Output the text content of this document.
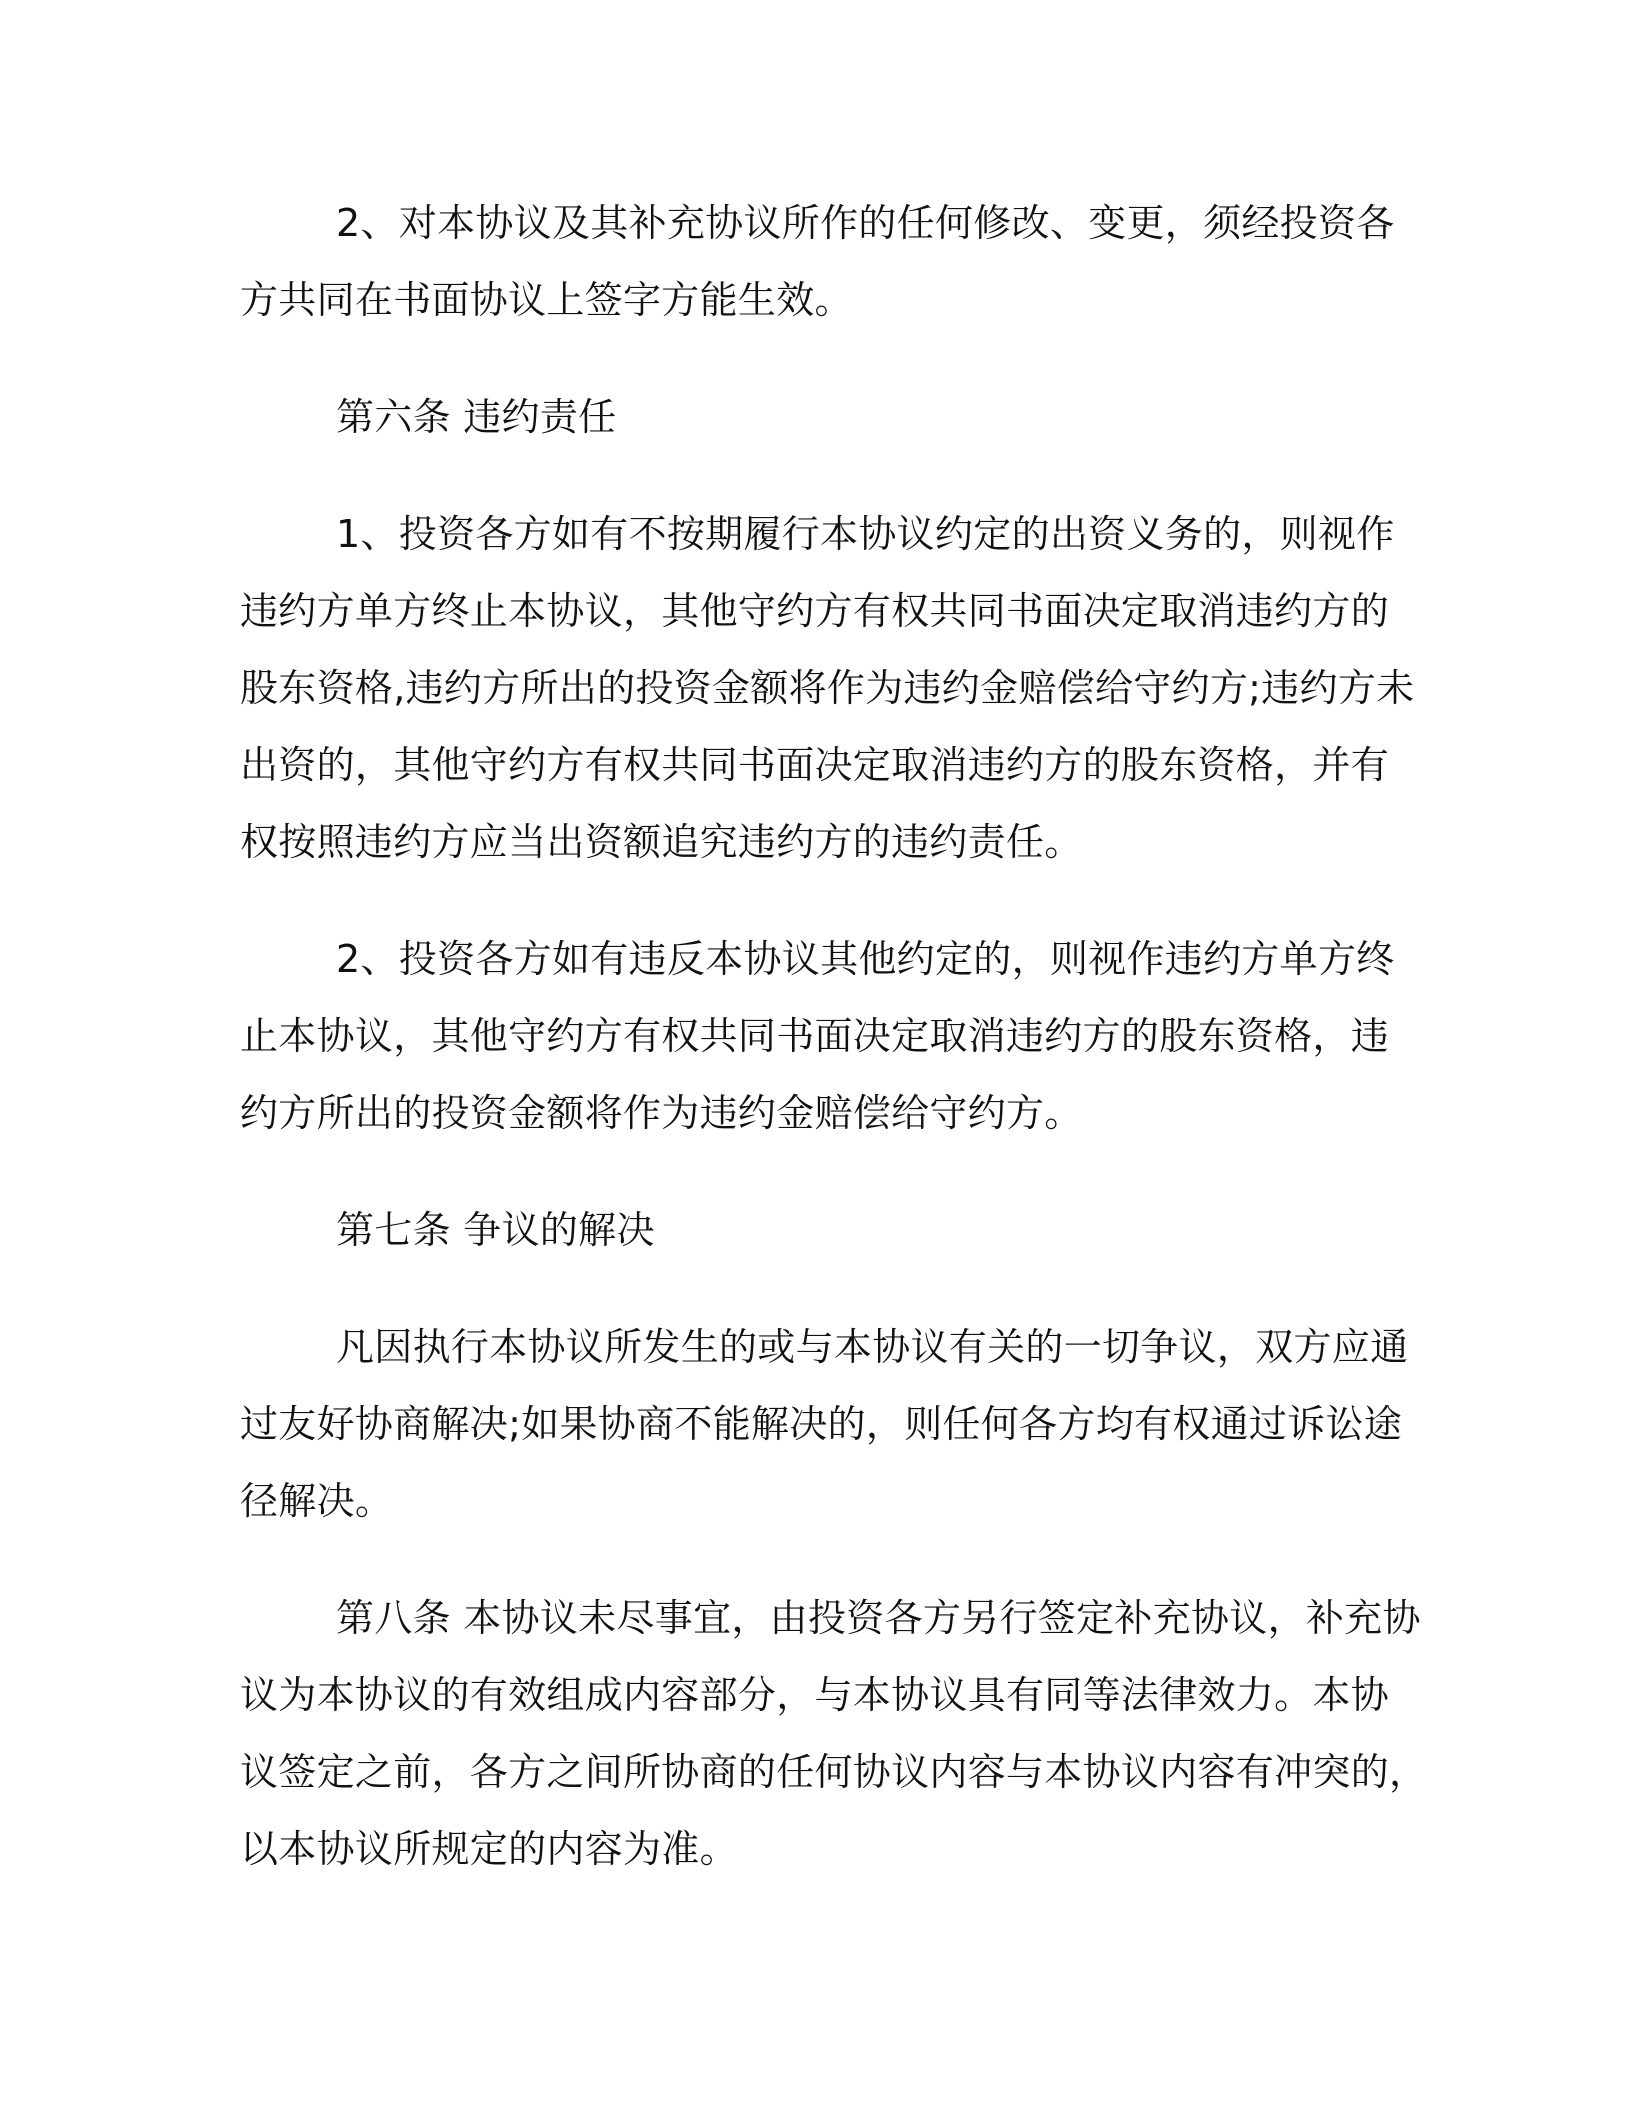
2、对本协议及其补充协议所作的任何修改、变更，须经投资各
方共同在书面协议上签字方能生效。

第六条 违约责任

1、投资各方如有不按期履行本协议约定的出资义务的，则视作
违约方单方终止本协议，其他守约方有权共同书面决定取消违约方的
股东资格,违约方所出的投资金额将作为违约金赔偿给守约方;违约方未
出资的，其他守约方有权共同书面决定取消违约方的股东资格，并有
权按照违约方应当出资额追究违约方的违约责任。

2、投资各方如有违反本协议其他约定的，则视作违约方单方终
止本协议，其他守约方有权共同书面决定取消违约方的股东资格，违
约方所出的投资金额将作为违约金赔偿给守约方。

第七条 争议的解决

凡因执行本协议所发生的或与本协议有关的一切争议，双方应通
过友好协商解决;如果协商不能解决的，则任何各方均有权通过诉讼途
径解决。

第八条 本协议未尽事宜，由投资各方另行签定补充协议，补充协
议为本协议的有效组成内容部分，与本协议具有同等法律效力。本协
议签定之前，各方之间所协商的任何协议内容与本协议内容有冲突的，
以本协议所规定的内容为准。
